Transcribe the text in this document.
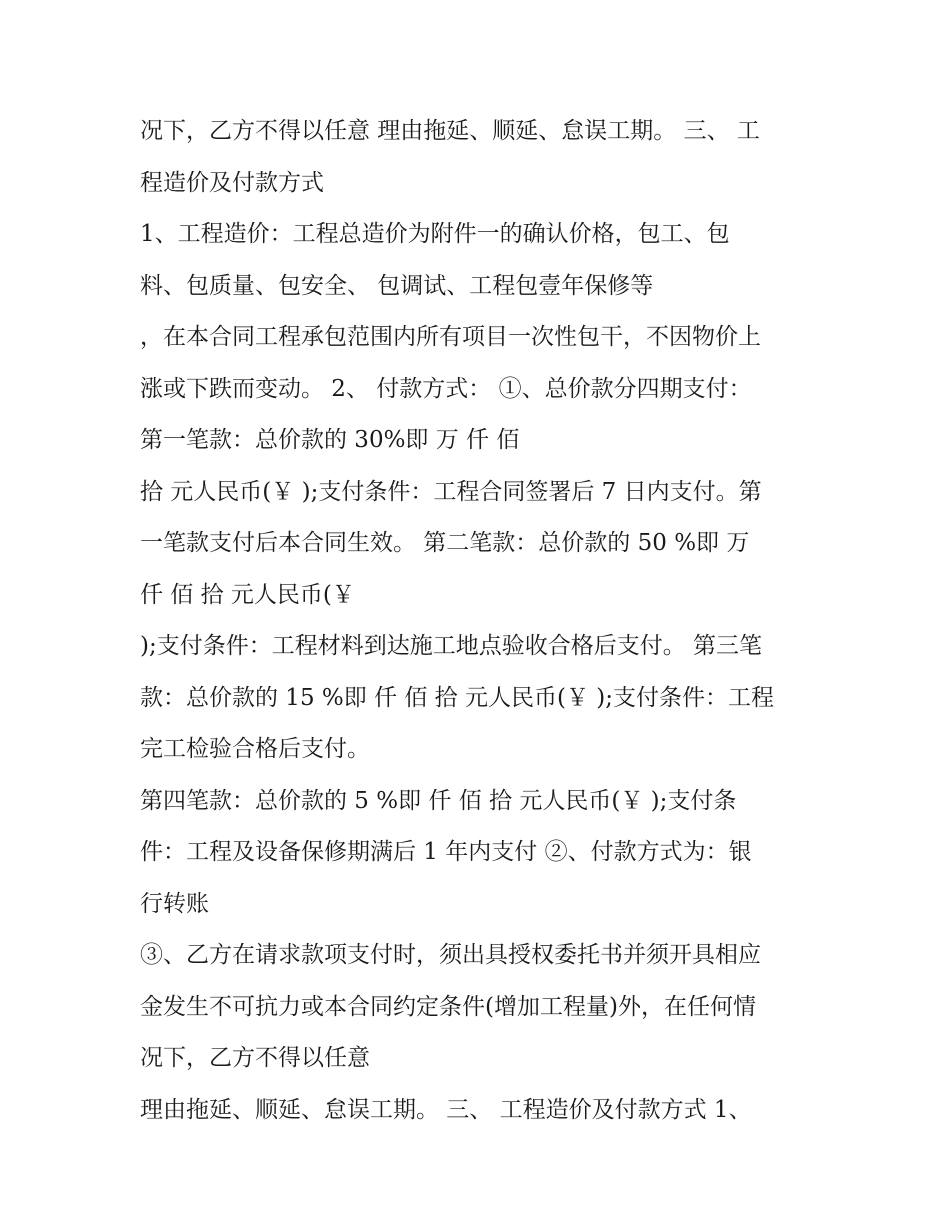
况下，乙方不得以任意 理由拖延、顺延、怠误工期。 三、 工
程造价及付款方式
1、工程造价：工程总造价为附件一的确认价格，包工、包
料、包质量、包安全、 包调试、工程包壹年保修等
，在本合同工程承包范围内所有项目一次性包干，不因物价上
涨或下跌而变动。 2、 付款方式： ①、总价款分四期支付：
第一笔款：总价款的 30%即 万 仟 佰
拾 元人民币(￥ );支付条件：工程合同签署后 7 日内支付。第
一笔款支付后本合同生效。 第二笔款：总价款的 50 %即 万
仟 佰 拾 元人民币(￥
);支付条件：工程材料到达施工地点验收合格后支付。 第三笔
款：总价款的 15 %即 仟 佰 拾 元人民币(￥ );支付条件：工程
完工检验合格后支付。
第四笔款：总价款的 5 %即 仟 佰 拾 元人民币(￥ );支付条
件：工程及设备保修期满后 1 年内支付 ②、付款方式为：银
行转账
③、乙方在请求款项支付时，须出具授权委托书并须开具相应
金发生不可抗力或本合同约定条件(增加工程量)外，在任何情
况下，乙方不得以任意
理由拖延、顺延、怠误工期。 三、 工程造价及付款方式 1、
